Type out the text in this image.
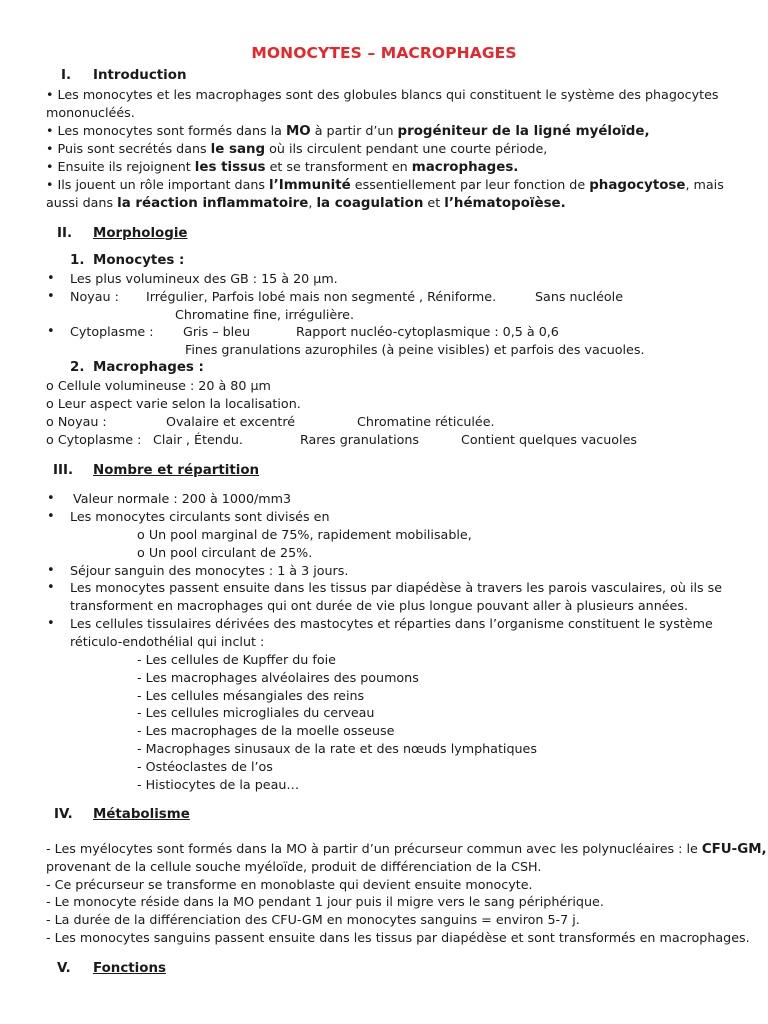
MONOCYTES – MACROPHAGES
I. Introduction
• Les monocytes et les macrophages sont des globules blancs qui constituent le système des phagocytes
mononucléés.
• Les monocytes sont formés dans la MO à partir d’un progéniteur de la ligné myéloïde,
• Puis sont secrétés dans le sang où ils circulent pendant une courte période,
• Ensuite ils rejoignent les tissus et se transforment en macrophages.
• Ils jouent un rôle important dans l’Immunité essentiellement par leur fonction de phagocytose, mais
aussi dans la réaction inflammatoire, la coagulation et l’hématopoïèse.
II. Morphologie
1. Monocytes :
• Les plus volumineux des GB : 15 à 20 µm.
• Noyau : Irrégulier, Parfois lobé mais non segmenté , Réniforme.	Sans nucléole
Chromatine fine, irrégulière.
• Cytoplasme : Gris – bleu	Rapport nucléo-cytoplasmique : 0,5 à 0,6
Fines granulations azurophiles (à peine visibles) et parfois des vacuoles.
2. Macrophages :
o Cellule volumineuse : 20 à 80 µm
o Leur aspect varie selon la localisation.
o Noyau :	Ovalaire et excentré	Chromatine réticulée.
o Cytoplasme : Clair , Étendu.	Rares granulations	Contient quelques vacuoles
III. Nombre et répartition
• Valeur normale : 200 à 1000/mm3
• Les monocytes circulants sont divisés en
o Un pool marginal de 75%, rapidement mobilisable,
o Un pool circulant de 25%.
• Séjour sanguin des monocytes : 1 à 3 jours.
• Les monocytes passent ensuite dans les tissus par diapédèse à travers les parois vasculaires, où ils se
transforment en macrophages qui ont durée de vie plus longue pouvant aller à plusieurs années.
• Les cellules tissulaires dérivées des mastocytes et réparties dans l’organisme constituent le système
réticulo-endothélial qui inclut :
- Les cellules de Kupffer du foie
- Les macrophages alvéolaires des poumons
- Les cellules mésangiales des reins
- Les cellules microgliales du cerveau
- Les macrophages de la moelle osseuse
- Macrophages sinusaux de la rate et des nœuds lymphatiques
- Ostéoclastes de l’os
- Histiocytes de la peau…
IV. Métabolisme
- Les myélocytes sont formés dans la MO à partir d’un précurseur commun avec les polynucléaires : le CFU-GM,
provenant de la cellule souche myéloïde, produit de différenciation de la CSH.
- Ce précurseur se transforme en monoblaste qui devient ensuite monocyte.
- Le monocyte réside dans la MO pendant 1 jour puis il migre vers le sang périphérique.
- La durée de la différenciation des CFU-GM en monocytes sanguins = environ 5-7 j.
- Les monocytes sanguins passent ensuite dans les tissus par diapédèse et sont transformés en macrophages.
V. Fonctions
